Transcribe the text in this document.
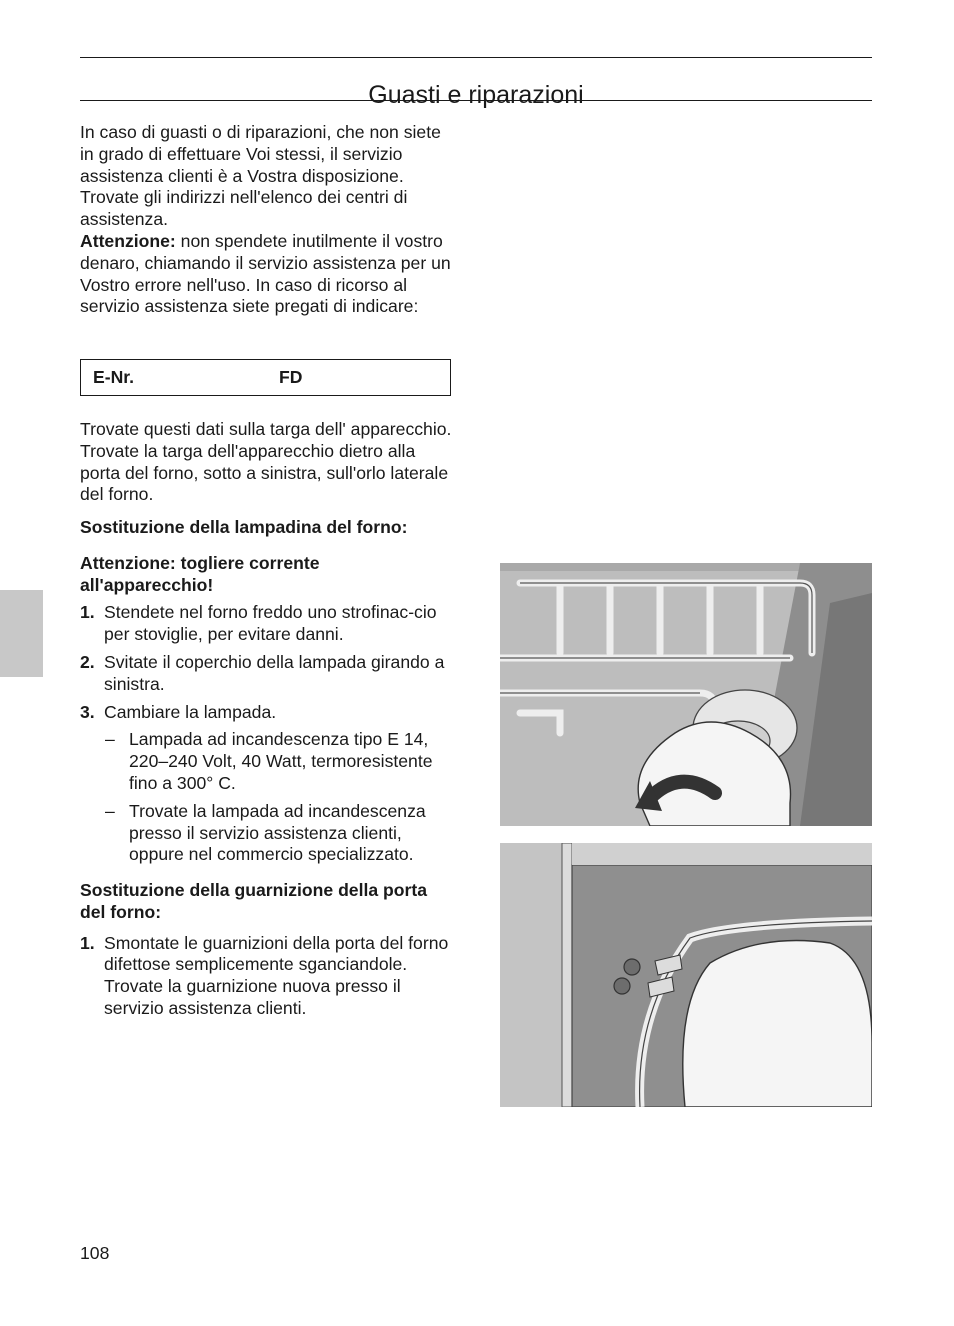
Guasti e riparazioni

In caso di guasti o di riparazioni, che non siete in grado di effettuare Voi stessi, il servizio assistenza clienti è a Vostra disposizione. Trovate gli indirizzi nell'elenco dei centri di assistenza.

Attenzione: non spendete inutilmente il vostro denaro, chiamando il servizio assistenza per un Vostro errore nell'uso. In caso di ricorso al servizio assistenza siete pregati di indicare:

E-Nr.	FD

Trovate questi dati sulla targa dell' apparecchio. Trovate la targa dell'apparecchio dietro alla porta del forno, sotto a sinistra, sull'orlo laterale del forno.

Sostituzione della lampadina del forno:

Attenzione: togliere corrente all'apparecchio!

1. Stendete nel forno freddo uno strofinac-cio per stoviglie, per evitare danni.
2. Svitate il coperchio della lampada girando a sinistra.
3. Cambiare la lampada.
– Lampada ad incandescenza tipo E 14, 220–240 Volt, 40 Watt, termoresistente fino a 300° C.
– Trovate la lampada ad incandescenza presso il servizio assistenza clienti, oppure nel commercio specializzato.

Sostituzione della guarnizione della porta del forno:

1. Smontate le guarnizioni della porta del forno difettose semplicemente sganciandole.
Trovate la guarnizione nuova presso il servizio assistenza clienti.
108
